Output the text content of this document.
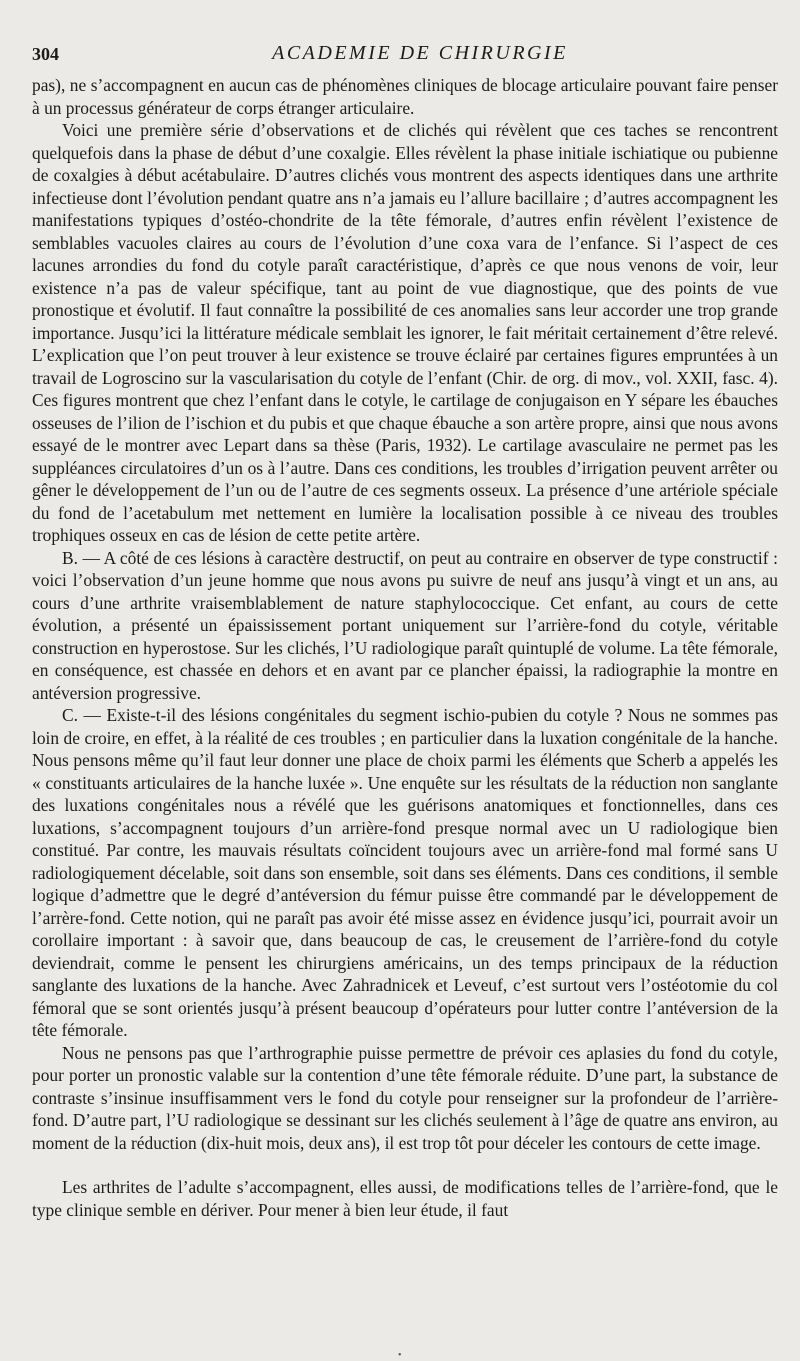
304	ACADEMIE DE CHIRURGIE

pas), ne s’accompagnent en aucun cas de phénomènes cliniques de blocage articulaire pouvant faire penser à un processus générateur de corps étranger articulaire.

Voici une première série d’observations et de clichés qui révèlent que ces taches se rencontrent quelquefois dans la phase de début d’une coxalgie. Elles révèlent la phase initiale ischiatique ou pubienne de coxalgies à début acétabulaire. D’autres clichés vous montrent des aspects identiques dans une arthrite infectieuse dont l’évolution pendant quatre ans n’a jamais eu l’allure bacillaire ; d’autres accompagnent les manifestations typiques d’ostéo-chondrite de la tête fémorale, d’autres enfin révèlent l’existence de semblables vacuoles claires au cours de l’évolution d’une coxa vara de l’enfance. Si l’aspect de ces lacunes arrondies du fond du cotyle paraît caractéristique, d’après ce que nous venons de voir, leur existence n’a pas de valeur spécifique, tant au point de vue diagnostique, que des points de vue pronostique et évolutif. Il faut connaître la possibilité de ces anomalies sans leur accorder une trop grande importance. Jusqu’ici la littérature médicale semblait les ignorer, le fait méritait certainement d’être relevé. L’explication que l’on peut trouver à leur existence se trouve éclairé par certaines figures empruntées à un travail de Logroscino sur la vascularisation du cotyle de l’enfant (Chir. de org. di mov., vol. XXII, fasc. 4). Ces figures montrent que chez l’enfant dans le cotyle, le cartilage de conjugaison en Y sépare les ébauches osseuses de l’ilion de l’ischion et du pubis et que chaque ébauche a son artère propre, ainsi que nous avons essayé de le montrer avec Lepart dans sa thèse (Paris, 1932). Le cartilage avasculaire ne permet pas les suppléances circulatoires d’un os à l’autre. Dans ces conditions, les troubles d’irrigation peuvent arrêter ou gêner le développement de l’un ou de l’autre de ces segments osseux. La présence d’une artériole spéciale du fond de l’acetabulum met nettement en lumière la localisation possible à ce niveau des troubles trophiques osseux en cas de lésion de cette petite artère.

B. — A côté de ces lésions à caractère destructif, on peut au contraire en observer de type constructif : voici l’observation d’un jeune homme que nous avons pu suivre de neuf ans jusqu’à vingt et un ans, au cours d’une arthrite vraisemblablement de nature staphylococcique. Cet enfant, au cours de cette évolution, a présenté un épaississement portant uniquement sur l’arrière-fond du cotyle, véritable construction en hyperostose. Sur les clichés, l’U radiologique paraît quintuplé de volume. La tête fémorale, en conséquence, est chassée en dehors et en avant par ce plancher épaissi, la radiographie la montre en antéversion progressive.

C. — Existe-t-il des lésions congénitales du segment ischio-pubien du cotyle ? Nous ne sommes pas loin de croire, en effet, à la réalité de ces troubles ; en particulier dans la luxation congénitale de la hanche. Nous pensons même qu’il faut leur donner une place de choix parmi les éléments que Scherb a appelés les « constituants articulaires de la hanche luxée ». Une enquête sur les résultats de la réduction non sanglante des luxations congénitales nous a révélé que les guérisons anatomiques et fonctionnelles, dans ces luxations, s’accompagnent toujours d’un arrière-fond presque normal avec un U radiologique bien constitué. Par contre, les mauvais résultats coïncident toujours avec un arrière-fond mal formé sans U radiologiquement décelable, soit dans son ensemble, soit dans ses éléments. Dans ces conditions, il semble logique d’admettre que le degré d’antéversion du fémur puisse être commandé par le développement de l’arrère-fond. Cette notion, qui ne paraît pas avoir été misse assez en évidence jusqu’ici, pourrait avoir un corollaire important : à savoir que, dans beaucoup de cas, le creusement de l’arrière-fond du cotyle deviendrait, comme le pensent les chirurgiens américains, un des temps principaux de la réduction sanglante des luxations de la hanche. Avec Zahradnicek et Leveuf, c’est surtout vers l’ostéotomie du col fémoral que se sont orientés jusqu’à présent beaucoup d’opérateurs pour lutter contre l’antéversion de la tête fémorale.

Nous ne pensons pas que l’arthrographie puisse permettre de prévoir ces aplasies du fond du cotyle, pour porter un pronostic valable sur la contention d’une tête fémorale réduite. D’une part, la substance de contraste s’insinue insuffisamment vers le fond du cotyle pour renseigner sur la profondeur de l’arrière-fond. D’autre part, l’U radiologique se dessinant sur les clichés seulement à l’âge de quatre ans environ, au moment de la réduction (dix-huit mois, deux ans), il est trop tôt pour déceler les contours de cette image.

Les arthrites de l’adulte s’accompagnent, elles aussi, de modifications telles de l’arrière-fond, que le type clinique semble en dériver. Pour mener à bien leur étude, il faut

•
